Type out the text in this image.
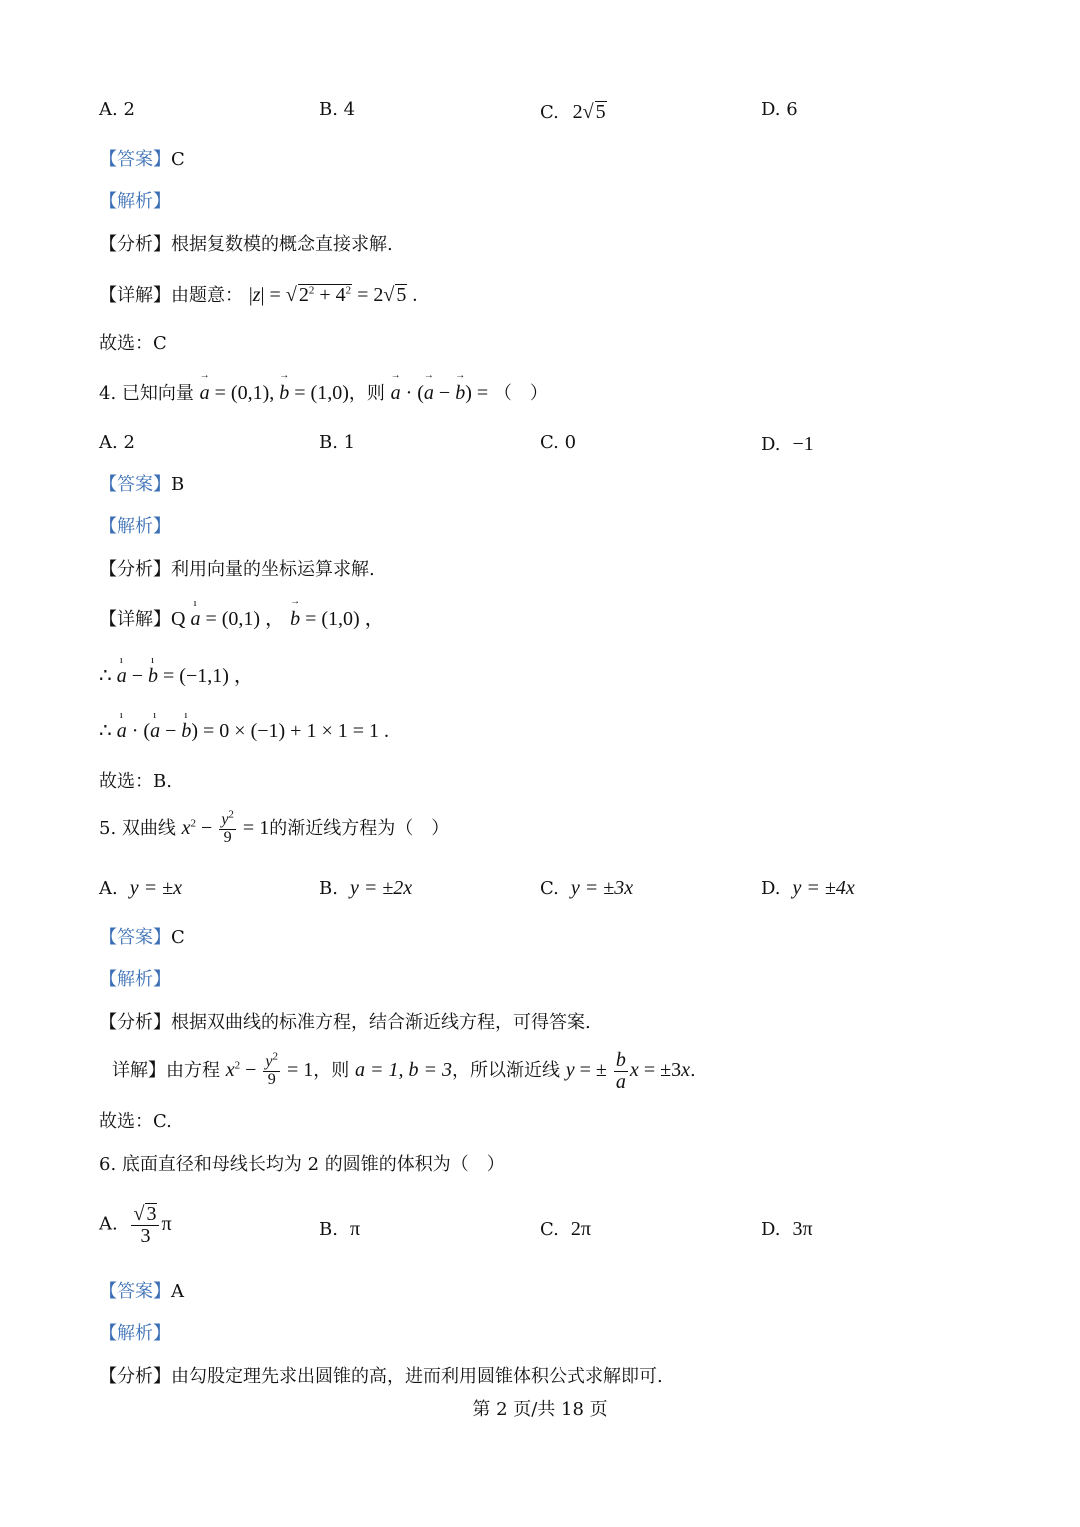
A. 2	B. 4	C. 2√ 5	D. 6
【答案】C
【解析】
【分析】根据复数模的概念直接求解.
【详解】由题意： |z| = √ $2^2 + 4^2 = 2√$ 5 .
故选：C
4. 已知向量 → a = (0,1), → b = (1,0)，则 → a · (→ a − → b) = （　）
A. 2	B. 1	C. 0	D. −1
【答案】B
【解析】
【分析】利用向量的坐标运算求解.
【详解】Q ı a = (0,1) ， → b = (1,0) ，
∴ ı a − ı b = (−1,1) ，
∴ ı a · (ı a − ı b) = 0 × (−1) + 1 × 1 = 1 .
故选：B.
5. 双曲线 $x^2 - \frac{y^2}{9} = 1$的渐近线方程为（　）
A. y = ±x	B. y = ±2x	C. y = ±3x	D. y = ±4x
【答案】C
【解析】
【分析】根据双曲线的标准方程，结合渐近线方程，可得答案.
详解】由方程 $x^2 - \frac{y^2}{9} = 1$，则 a = 1, b = 3，所以渐近线 y = ± $\frac{b}{a}$ x = ±3x.
故选：C.
6. 底面直径和母线长均为 2 的圆锥的体积为（　）
A. $\frac{√ 3}{3}$ π	B. π	C. 2π	D. 3π
【答案】A
【解析】
【分析】由勾股定理先求出圆锥的高，进而利用圆锥体积公式求解即可.
第 2 页/共 18 页
